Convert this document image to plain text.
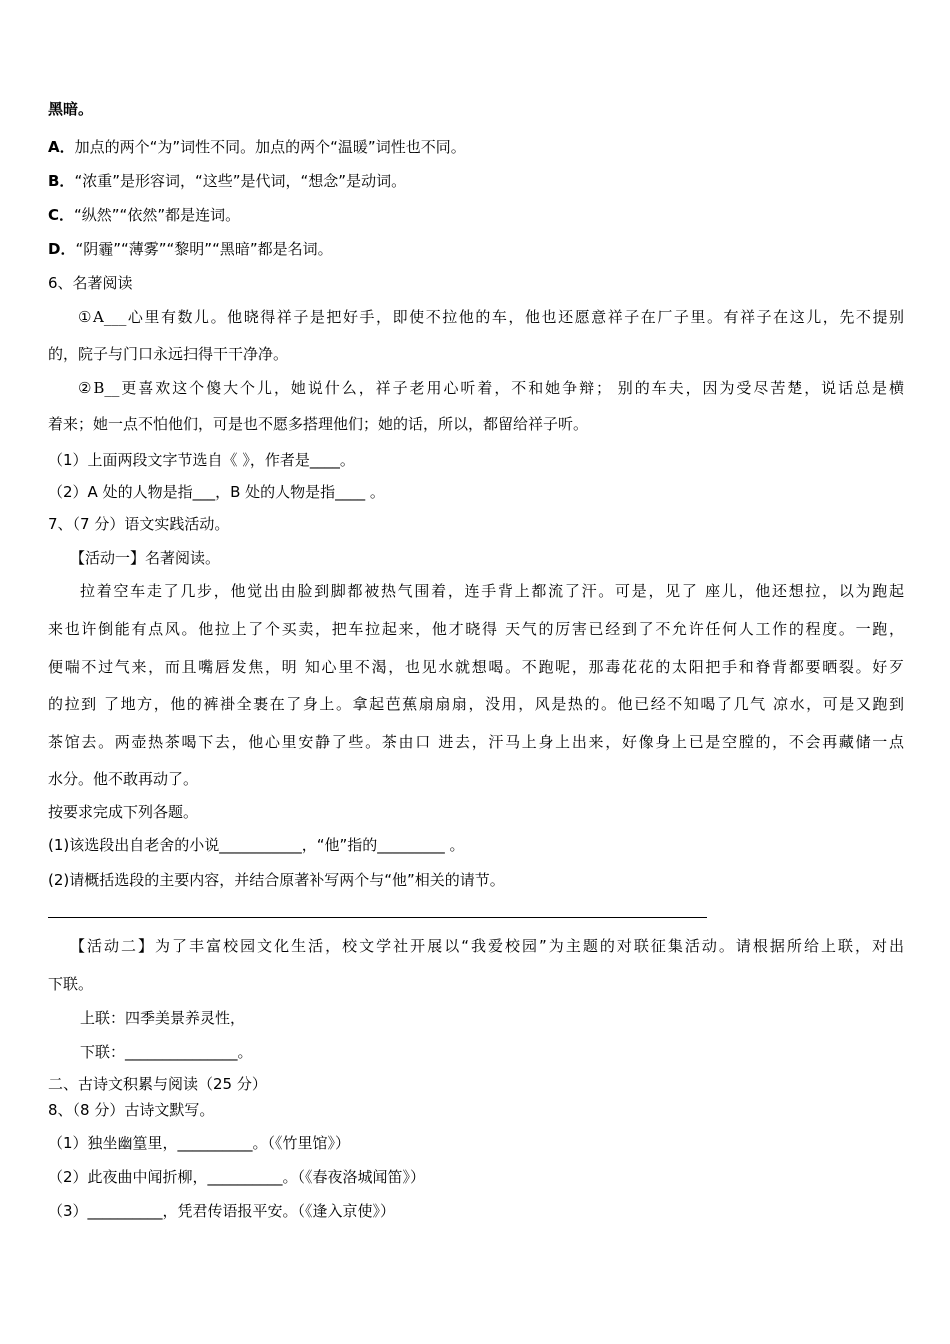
黑暗。
A．加点的两个“为”词性不同。加点的两个“温暖”词性也不同。
B．“浓重”是形容词，“这些”是代词，“想念”是动词。
C．“纵然”“依然”都是连词。
D．“阴霾”“薄雾”“黎明”“黑暗”都是名词。
6、名著阅读
①A___心里有数儿。他晓得祥子是把好手，即使不拉他的车，他也还愿意祥子在厂子里。有祥子在这儿，先不提别
的，院子与门口永远扫得干干净净。
②B__更喜欢这个傻大个儿，她说什么，祥子老用心听着，不和她争辩； 别的车夫，因为受尽苦楚，说话总是横
着来；她一点不怕他们，可是也不愿多搭理他们；她的话，所以，都留给祥子听。
（1）上面两段文字节选自《 》，作者是____。
（2）A 处的人物是指___，B 处的人物是指____ 。
7、（7 分）语文实践活动。
【活动一】名著阅读。
拉着空车走了几步，他觉出由脸到脚都被热气围着，连手背上都流了汗。可是，见了 座儿，他还想拉，以为跑起
来也许倒能有点风。他拉上了个买卖，把车拉起来，他才晓得 天气的厉害已经到了不允许任何人工作的程度。一跑，
便喘不过气来，而且嘴唇发焦，明 知心里不渴，也见水就想喝。不跑呢，那毒花花的太阳把手和脊背都要晒裂。好歹
的拉到 了地方，他的裤褂全裹在了身上。拿起芭蕉扇扇扇，没用，风是热的。他已经不知喝了几气 凉水，可是又跑到
茶馆去。两壶热茶喝下去，他心里安静了些。茶由口 进去，汗马上身上出来，好像身上已是空膛的，不会再藏储一点
水分。他不敢再动了。
按要求完成下列各题。
(1)该选段出自老舍的小说___________，“他”指的_________ 。
(2)请概括选段的主要内容，并结合原著补写两个与“他”相关的请节。
【活动二】为了丰富校园文化生活，校文学社开展以“我爱校园”为主题的对联征集活动。请根据所给上联，对出
下联。
上联：四季美景养灵性，
下联：_______________。
二、古诗文积累与阅读（25 分）
8、（8 分）古诗文默写。
（1）独坐幽篁里，__________。（《竹里馆》）
（2）此夜曲中闻折柳，__________。（《春夜洛城闻笛》）
（3）__________，凭君传语报平安。（《逢入京使》）
